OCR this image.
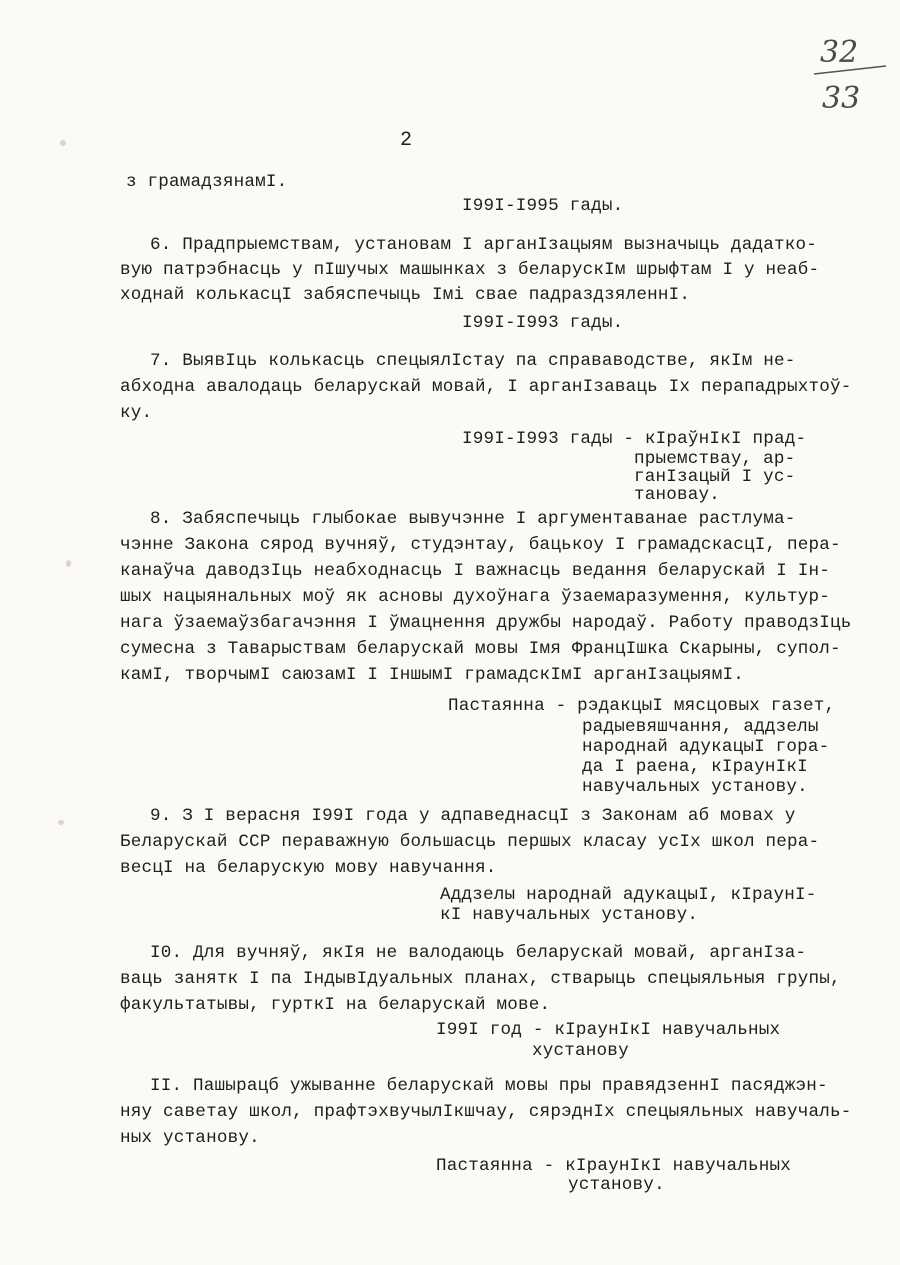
32
33
2
з грамадзянамI.
I99I-I995 гады.
6. Прадпрыемствам, установам I арганIзацыям вызначыць дадатко-
вую патрэбнасць у пIшучых машынках з беларускIм шрыфтам I у неаб-
ходнай колькасцI забяспечыць Iмі свае падраздзяленнI.
I99I-I993 гады.
7. ВыявIць колькасць спецыялIстау па справаводстве, якIм не-
абходна авалодаць беларускай мовай, I арганIзаваць Iх перападрыхтоў-
ку.
I99I-I993 гады - кIраўнIкI прад-
прыемствау, ар-
ганIзацый I ус-
тановау.
8. Забяспечыць глыбокае вывучэнне I аргументаванае растлума-
чэнне Закона сярод вучняў, студэнтау, бацькоу I грамадскасцI, пера-
канаўча даводзIць неабходнасць I важнасць ведання беларускай I Iн-
шых нацыянальных моў як асновы духоўнага ўзаемаразумення, культур-
нага ўзаемаўзбагачэння I ўмацнення дружбы народаў. Работу праводзIць
сумесна з Таварыствам беларускай мовы Iмя ФранцIшка Скарыны, супол-
камI, творчымI саюзамI I IншымI грамадскIмI арганIзацыямI.
Пастаянна - рэдакцыI мясцовых газет,
радыевяшчання, аддзелы
народнай адукацыI горa-
да I раена, кIраунIкI
навучальных установу.
9. З I верасня I99I года у адпаведнасцI з Законам аб мовах у
Беларускай ССР пераважную большасць першых класау усIх школ пера-
весцI на беларускую мову навучання.
Аддзелы народнай адукацыI, кIраунI-
кI навучальных установу.
I0. Для вучняў, якIя не валодаюць беларускай мовай, арганIза-
ваць занятк I па IндывIдуальных планах, стварыць спецыяльныя групы,
факультатывы, гурткI на беларускай мове.
I99I год - кIраунIкI навучальных
хустанову
II. Пашырацб ужыванне беларускай мовы пры правядзеннI пасяджэн-
няу саветау школ, прафтэхвучылIкшчау, сярэднIх спецыяльных навучаль-
ных установу.
Пастаянна - кIраунIкI навучальных
установу.
